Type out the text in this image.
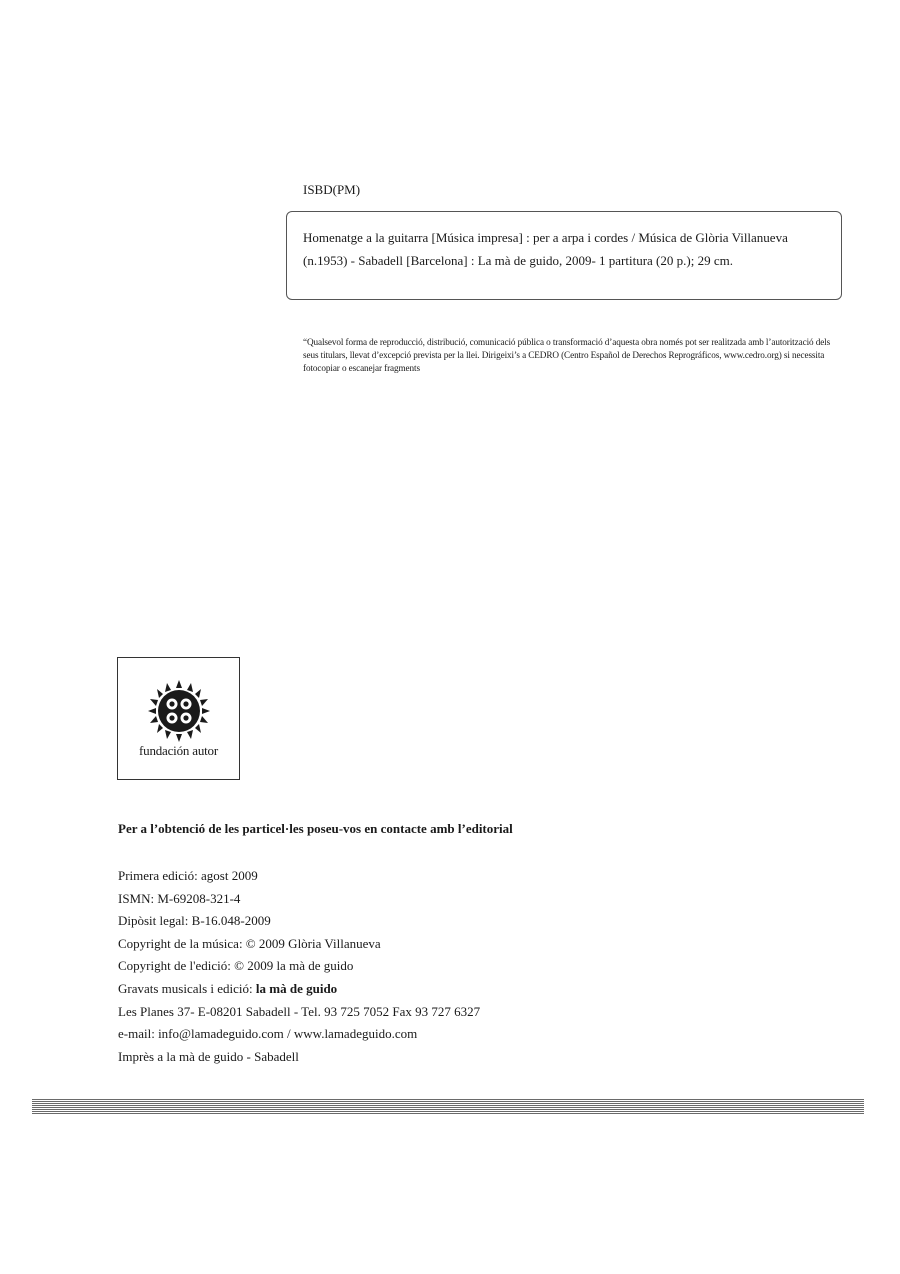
ISBD(PM)
Homenatge a la guitarra [Música impresa] : per a arpa i cordes / Música de Glòria Villanueva (n.1953) - Sabadell [Barcelona] : La mà de guido, 2009- 1 partitura (20 p.); 29 cm.
“Qualsevol forma de reproducció, distribució, comunicació pública o transformació d’aquesta obra només pot ser realitzada amb l’autorització dels seus titulars, llevat d’excepció prevista per la llei. Dirigeixi’s a CEDRO (Centro Español de Derechos Reprográficos, www.cedro.org) si necessita fotocopiar o escanejar fragments
fundación autor
Per a l’obtenció de les particel·les poseu-vos en contacte amb l’editorial
Primera edició: agost 2009
ISMN: M-69208-321-4
Dipòsit legal: B-16.048-2009
Copyright de la música: © 2009 Glòria Villanueva
Copyright de l'edició: © 2009 la mà de guido
Gravats musicals i edició: la mà de guido
Les Planes 37- E-08201 Sabadell - Tel. 93 725 7052 Fax 93 727 6327
e-mail: info@lamadeguido.com / www.lamadeguido.com
Imprès a la mà de guido - Sabadell
